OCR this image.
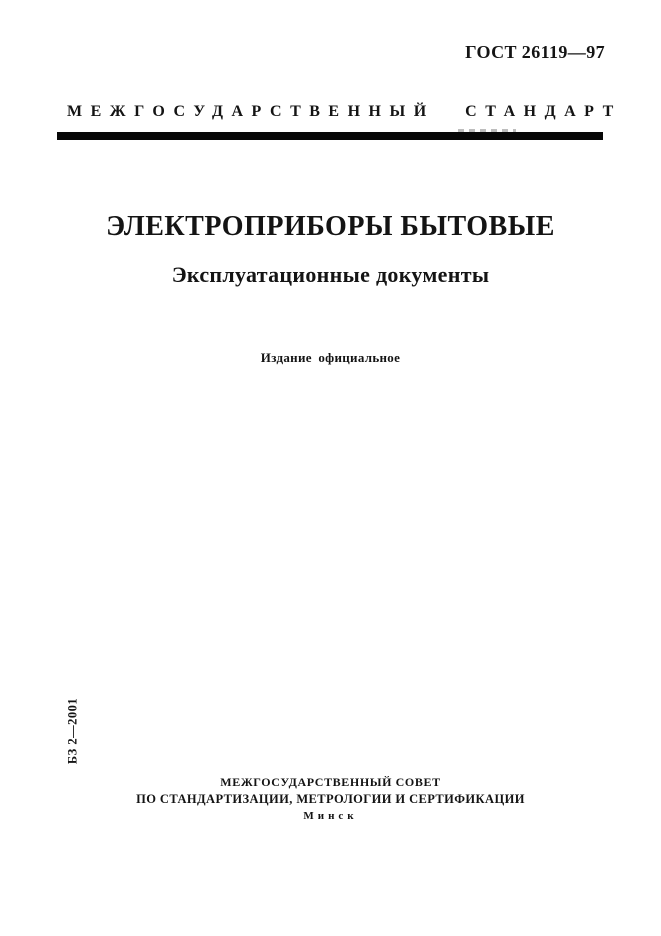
ГОСТ 26119—97
МЕЖГОСУДАРСТВЕННЫЙ СТАНДАРТ
ЭЛЕКТРОПРИБОРЫ БЫТОВЫЕ
Эксплуатационные документы
Издание официальное
БЗ 2—2001
МЕЖГОСУДАРСТВЕННЫЙ СОВЕТ
ПО СТАНДАРТИЗАЦИИ, МЕТРОЛОГИИ И СЕРТИФИКАЦИИ
Минск
